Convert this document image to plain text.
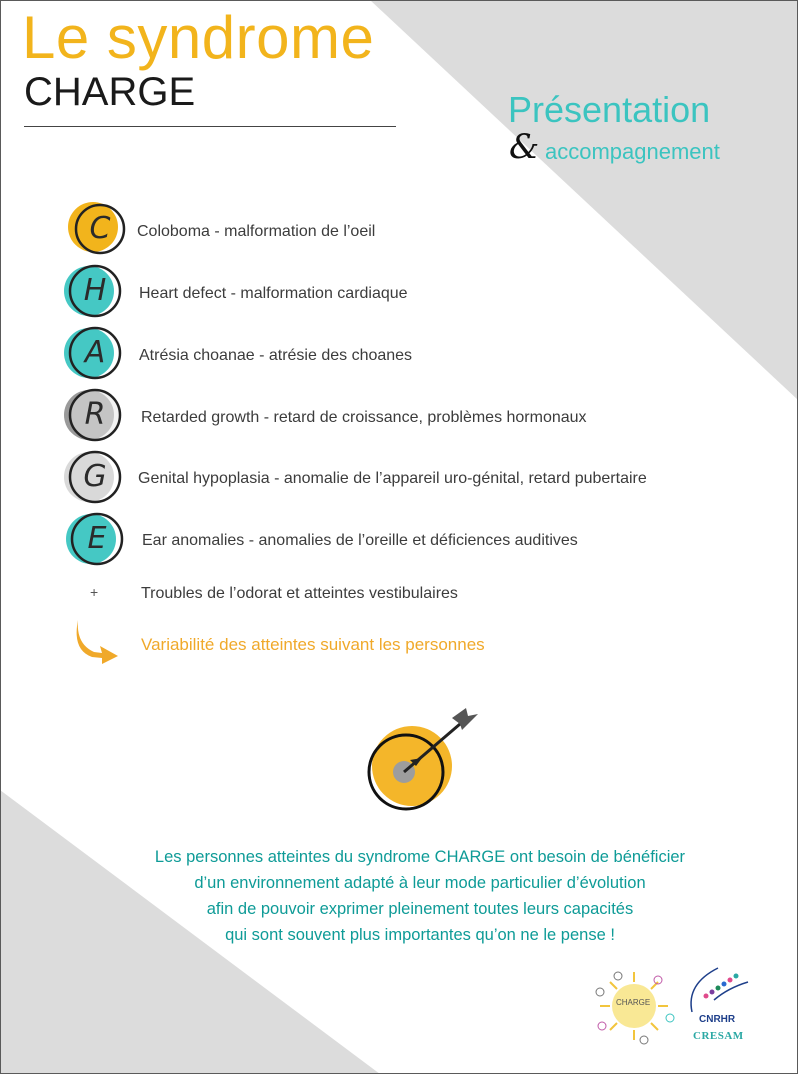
Le syndrome
CHARGE	Présentation
& accompagnement
C	Coloboma - malformation de l’oeil
H	Heart defect - malformation cardiaque
A	Atrésia choanae - atrésie des choanes
R	Retarded growth - retard de croissance, problèmes hormonaux
G	Genital hypoplasia - anomalie de l’appareil uro-génital, retard pubertaire
E	Ear anomalies - anomalies de l’oreille et déficiences auditives
+	Troubles de l’odorat et atteintes vestibulaires
Variabilité des atteintes suivant les personnes
Les personnes atteintes du syndrome CHARGE ont besoin de bénéficier
d’un environnement adapté à leur mode particulier d’évolution
afin de pouvoir exprimer pleinement toutes leurs capacités
qui sont souvent plus importantes qu’on ne le pense !
CHARGE
CNRHR
CRESAM
